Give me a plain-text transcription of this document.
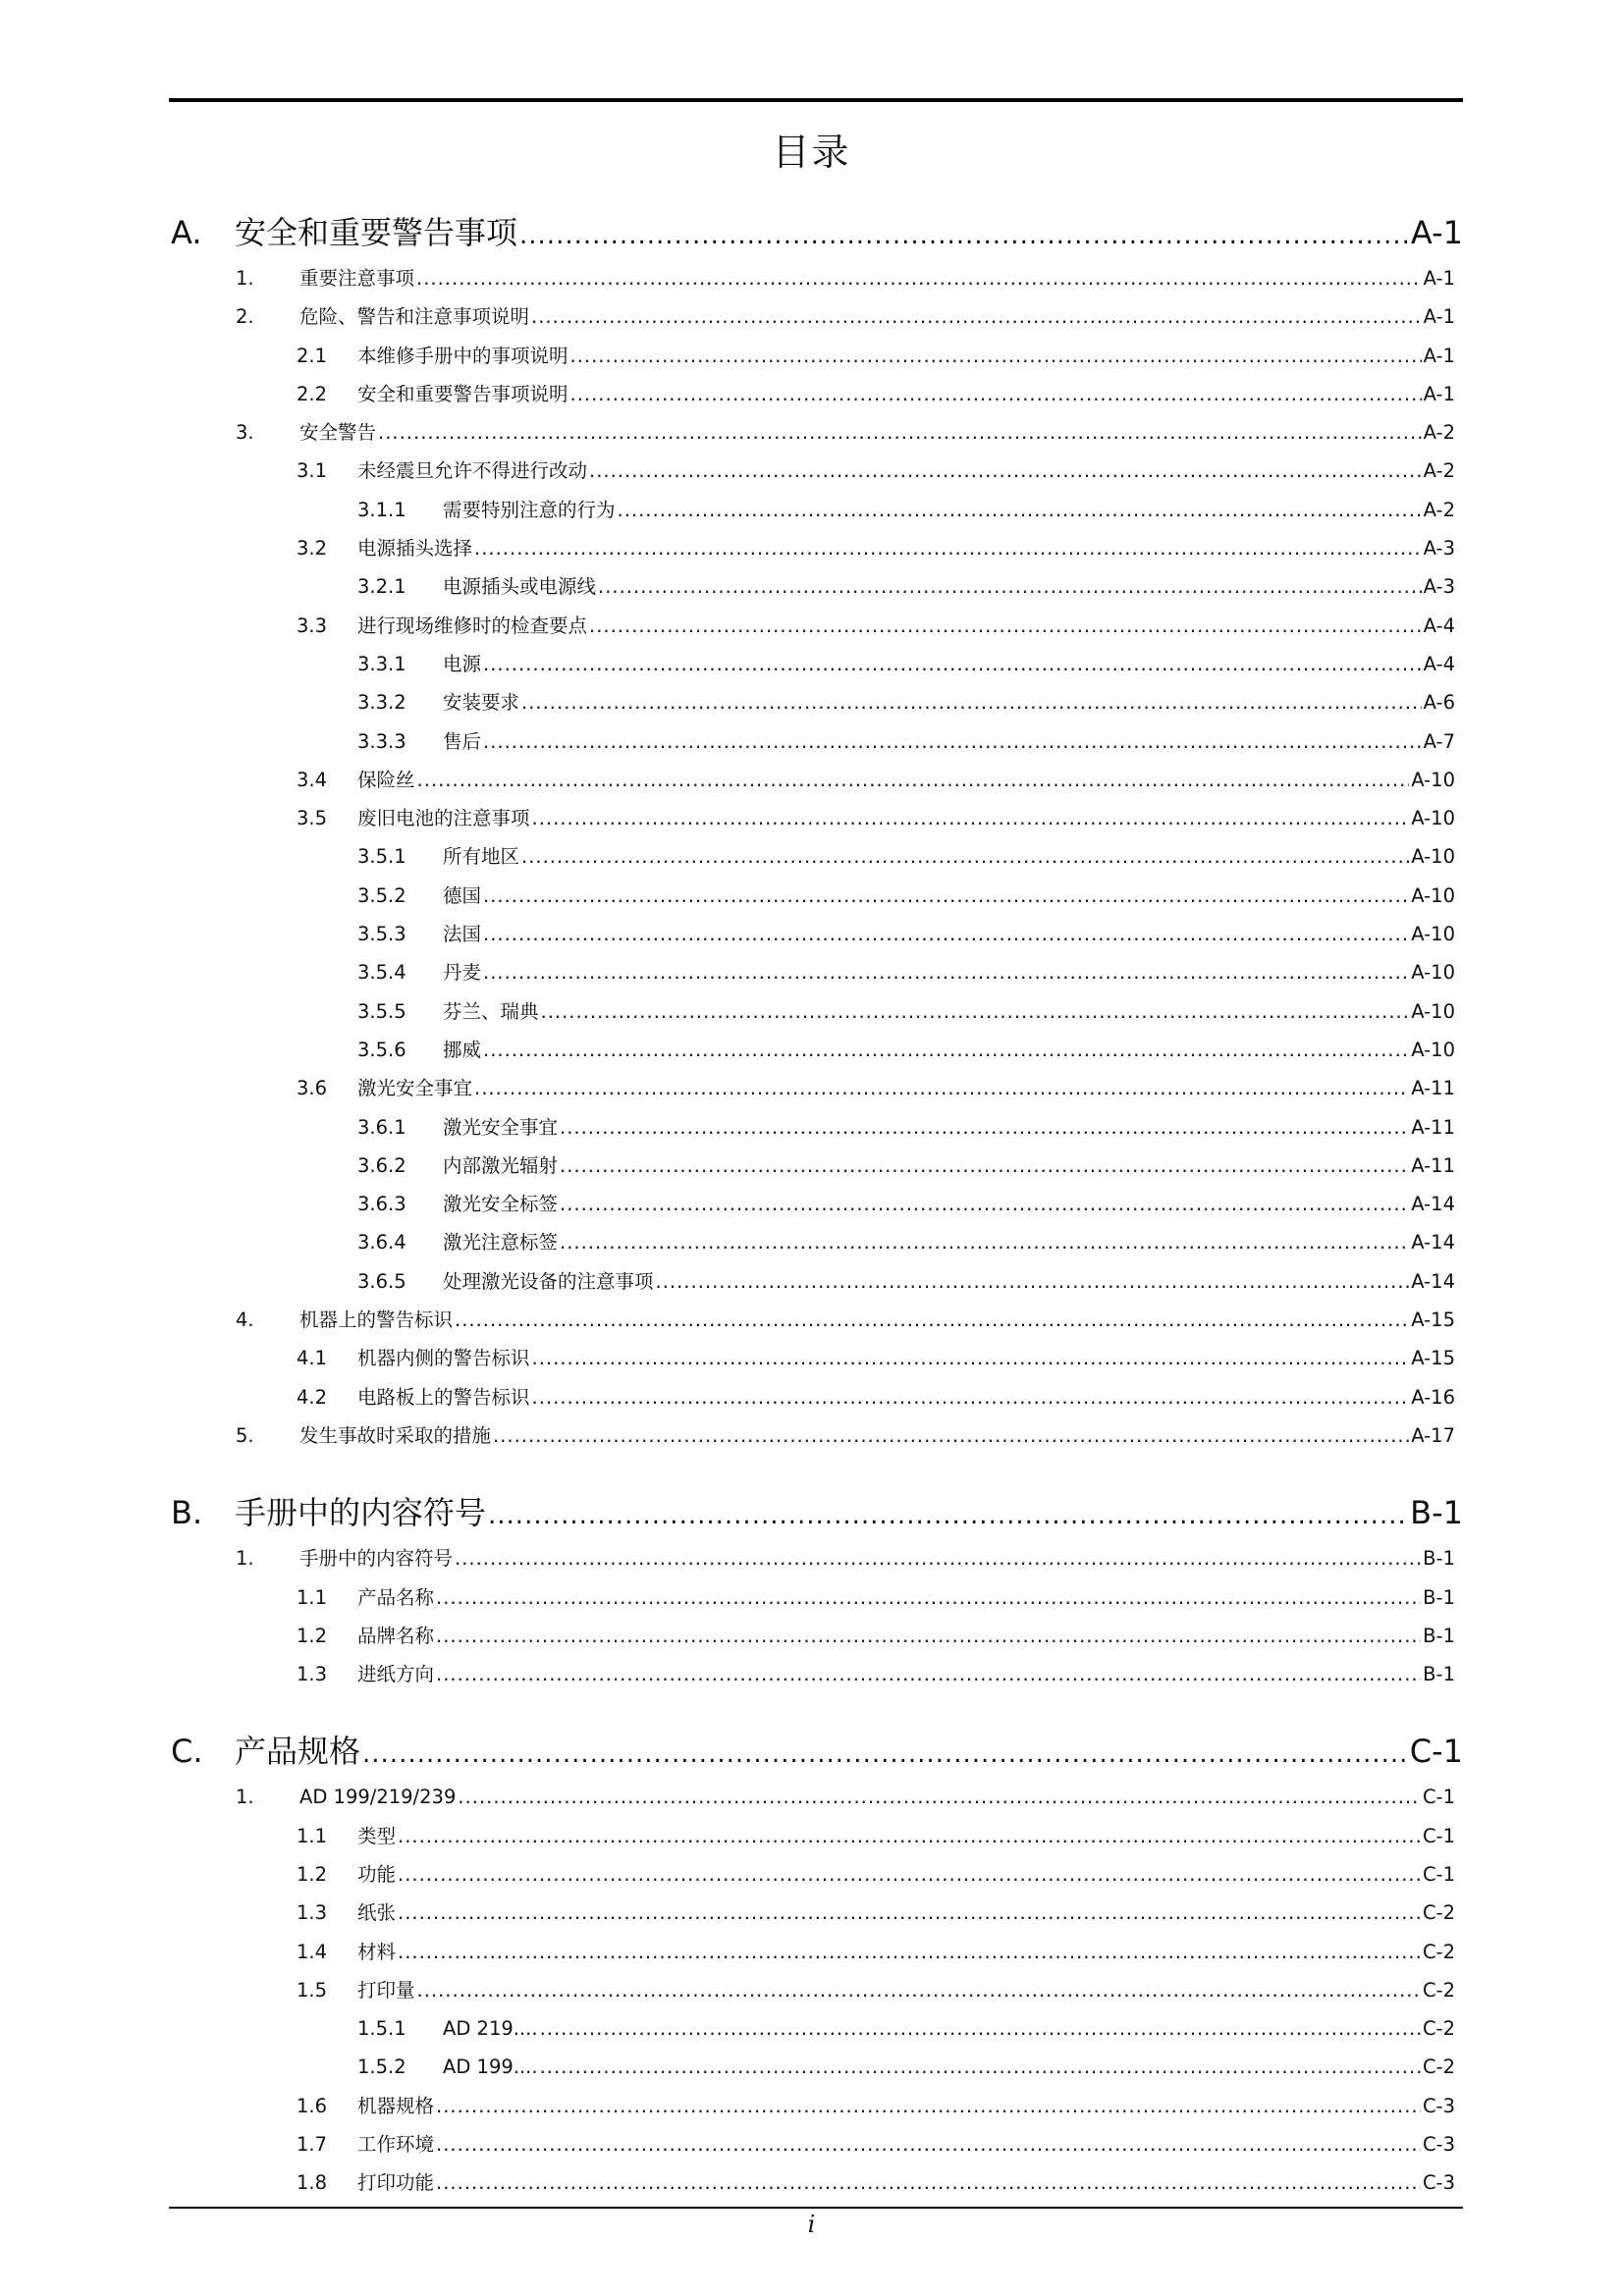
目录
A.	安全和重要警告事项 .....	A-1
1.	重要注意事项 .....	A-1
2.	危险、警告和注意事项说明 .....	A-1
2.1	本维修手册中的事项说明 .....	A-1
2.2	安全和重要警告事项说明 .....	A-1
3.	安全警告 .....	A-2
3.1	未经震旦允许不得进行改动 .....	A-2
3.1.1	需要特别注意的行为 .....	A-2
3.2	电源插头选择 .....	A-3
3.2.1	电源插头或电源线 .....	A-3
3.3	进行现场维修时的检查要点 .....	A-4
3.3.1	电源 .....	A-4
3.3.2	安装要求 .....	A-6
3.3.3	售后 .....	A-7
3.4	保险丝 .....	A-10
3.5	废旧电池的注意事项 .....	A-10
3.5.1	所有地区 .....	A-10
3.5.2	德国 .....	A-10
3.5.3	法国 .....	A-10
3.5.4	丹麦 .....	A-10
3.5.5	芬兰、瑞典 .....	A-10
3.5.6	挪威 .....	A-10
3.6	激光安全事宜 .....	A-11
3.6.1	激光安全事宜 .....	A-11
3.6.2	内部激光辐射 .....	A-11
3.6.3	激光安全标签 .....	A-14
3.6.4	激光注意标签 .....	A-14
3.6.5	处理激光设备的注意事项 .....	A-14
4.	机器上的警告标识 .....	A-15
4.1	机器内侧的警告标识 .....	A-15
4.2	电路板上的警告标识 .....	A-16
5.	发生事故时采取的措施 .....	A-17
B.	手册中的内容符号 .....	B-1
1.	手册中的内容符号 .....	B-1
1.1	产品名称 .....	B-1
1.2	品牌名称 .....	B-1
1.3	进纸方向 .....	B-1
C.	产品规格 .....	C-1
1.	AD 199/219/239 .....	C-1
1.1	类型 .....	C-1
1.2	功能 .....	C-1
1.3	纸张 .....	C-2
1.4	材料 .....	C-2
1.5	打印量 .....	C-2
1.5.1	AD 219.... .....	C-2
1.5.2	AD 199.... .....	C-2
1.6	机器规格 .....	C-3
1.7	工作环境 .....	C-3
1.8	打印功能 .....	C-3
i
